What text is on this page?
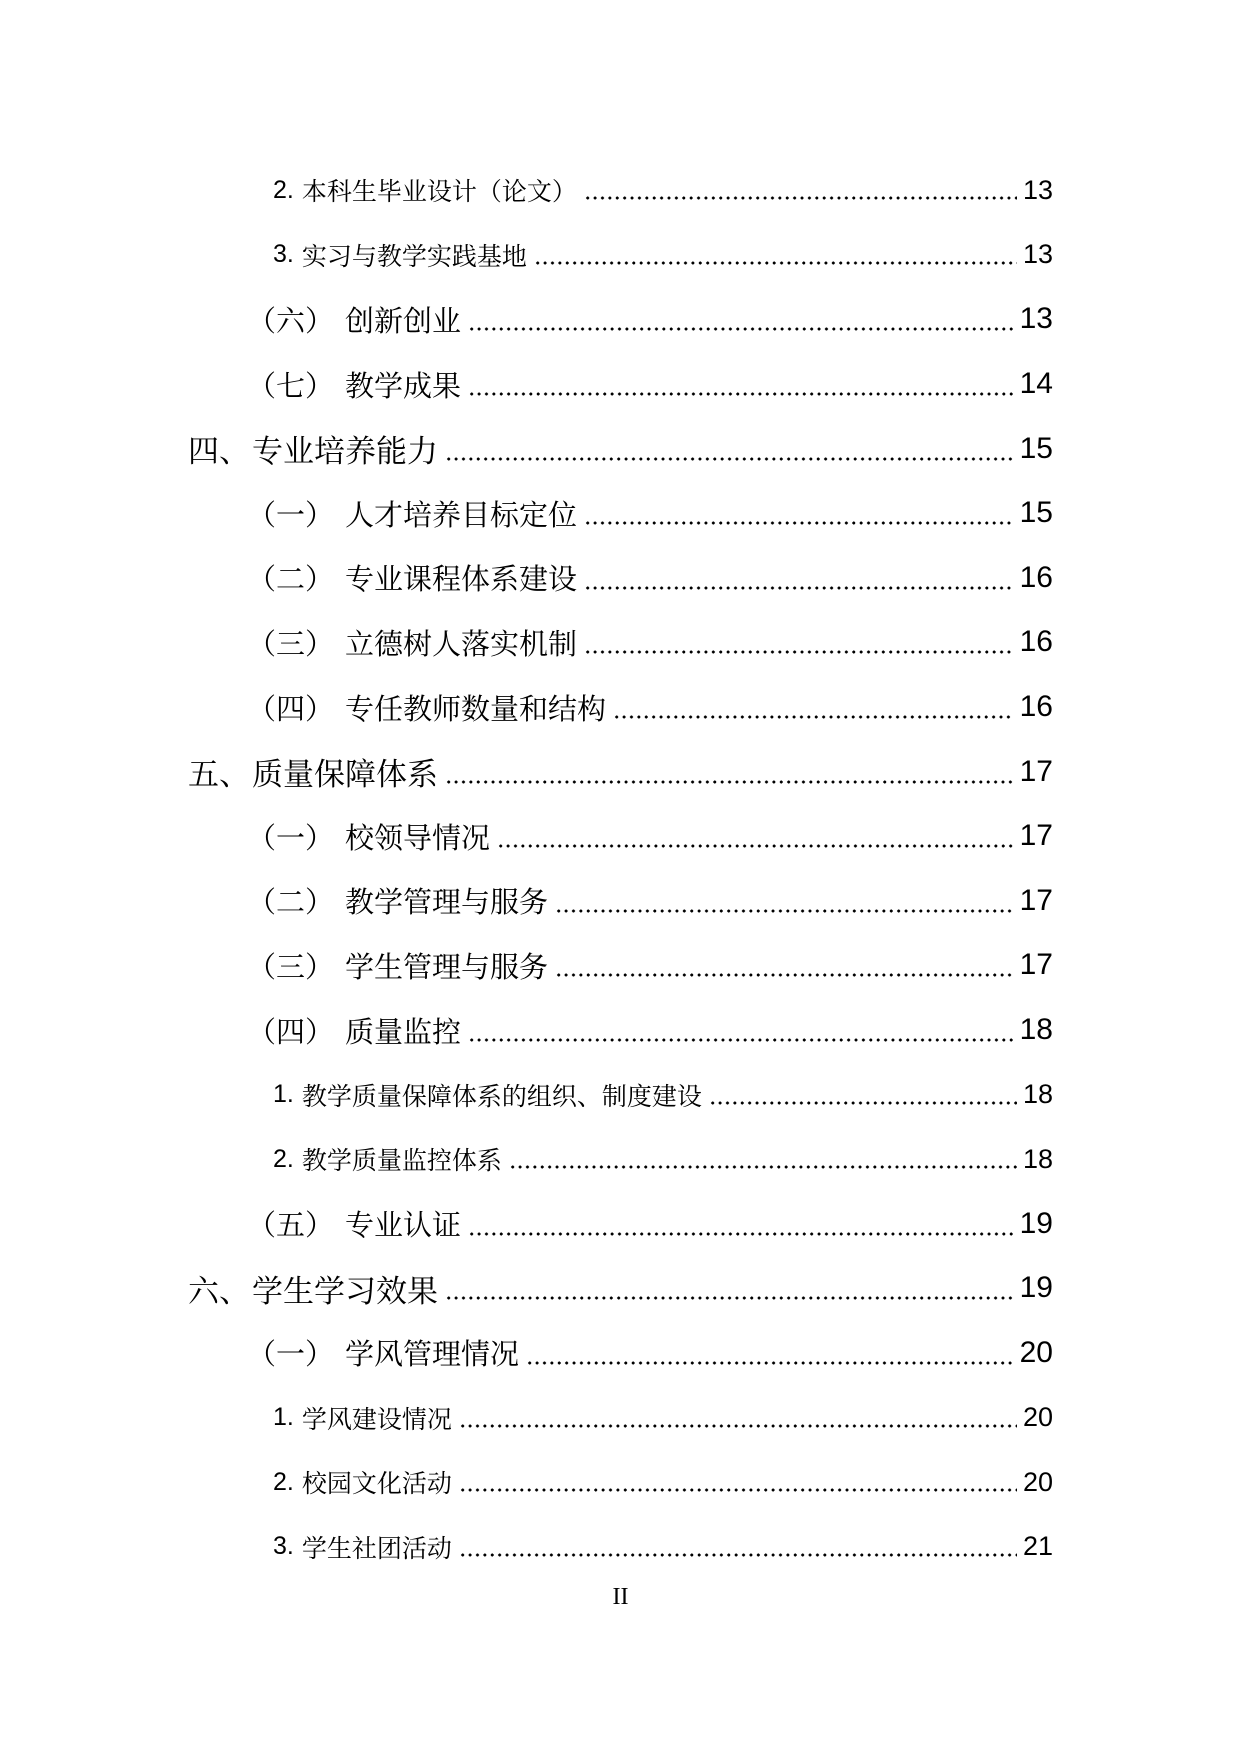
2. 本科生毕业设计（论文）	13
3. 实习与教学实践基地	13
（六） 创新创业	13
（七） 教学成果	14
四、 专业培养能力	15
（一） 人才培养目标定位	15
（二） 专业课程体系建设	16
（三） 立德树人落实机制	16
（四） 专任教师数量和结构	16
五、 质量保障体系	17
（一） 校领导情况	17
（二） 教学管理与服务	17
（三） 学生管理与服务	17
（四） 质量监控	18
1. 教学质量保障体系的组织、制度建设	18
2. 教学质量监控体系	18
（五） 专业认证	19
六、 学生学习效果	19
（一） 学风管理情况	20
1. 学风建设情况	20
2. 校园文化活动	20
3. 学生社团活动	21
II
